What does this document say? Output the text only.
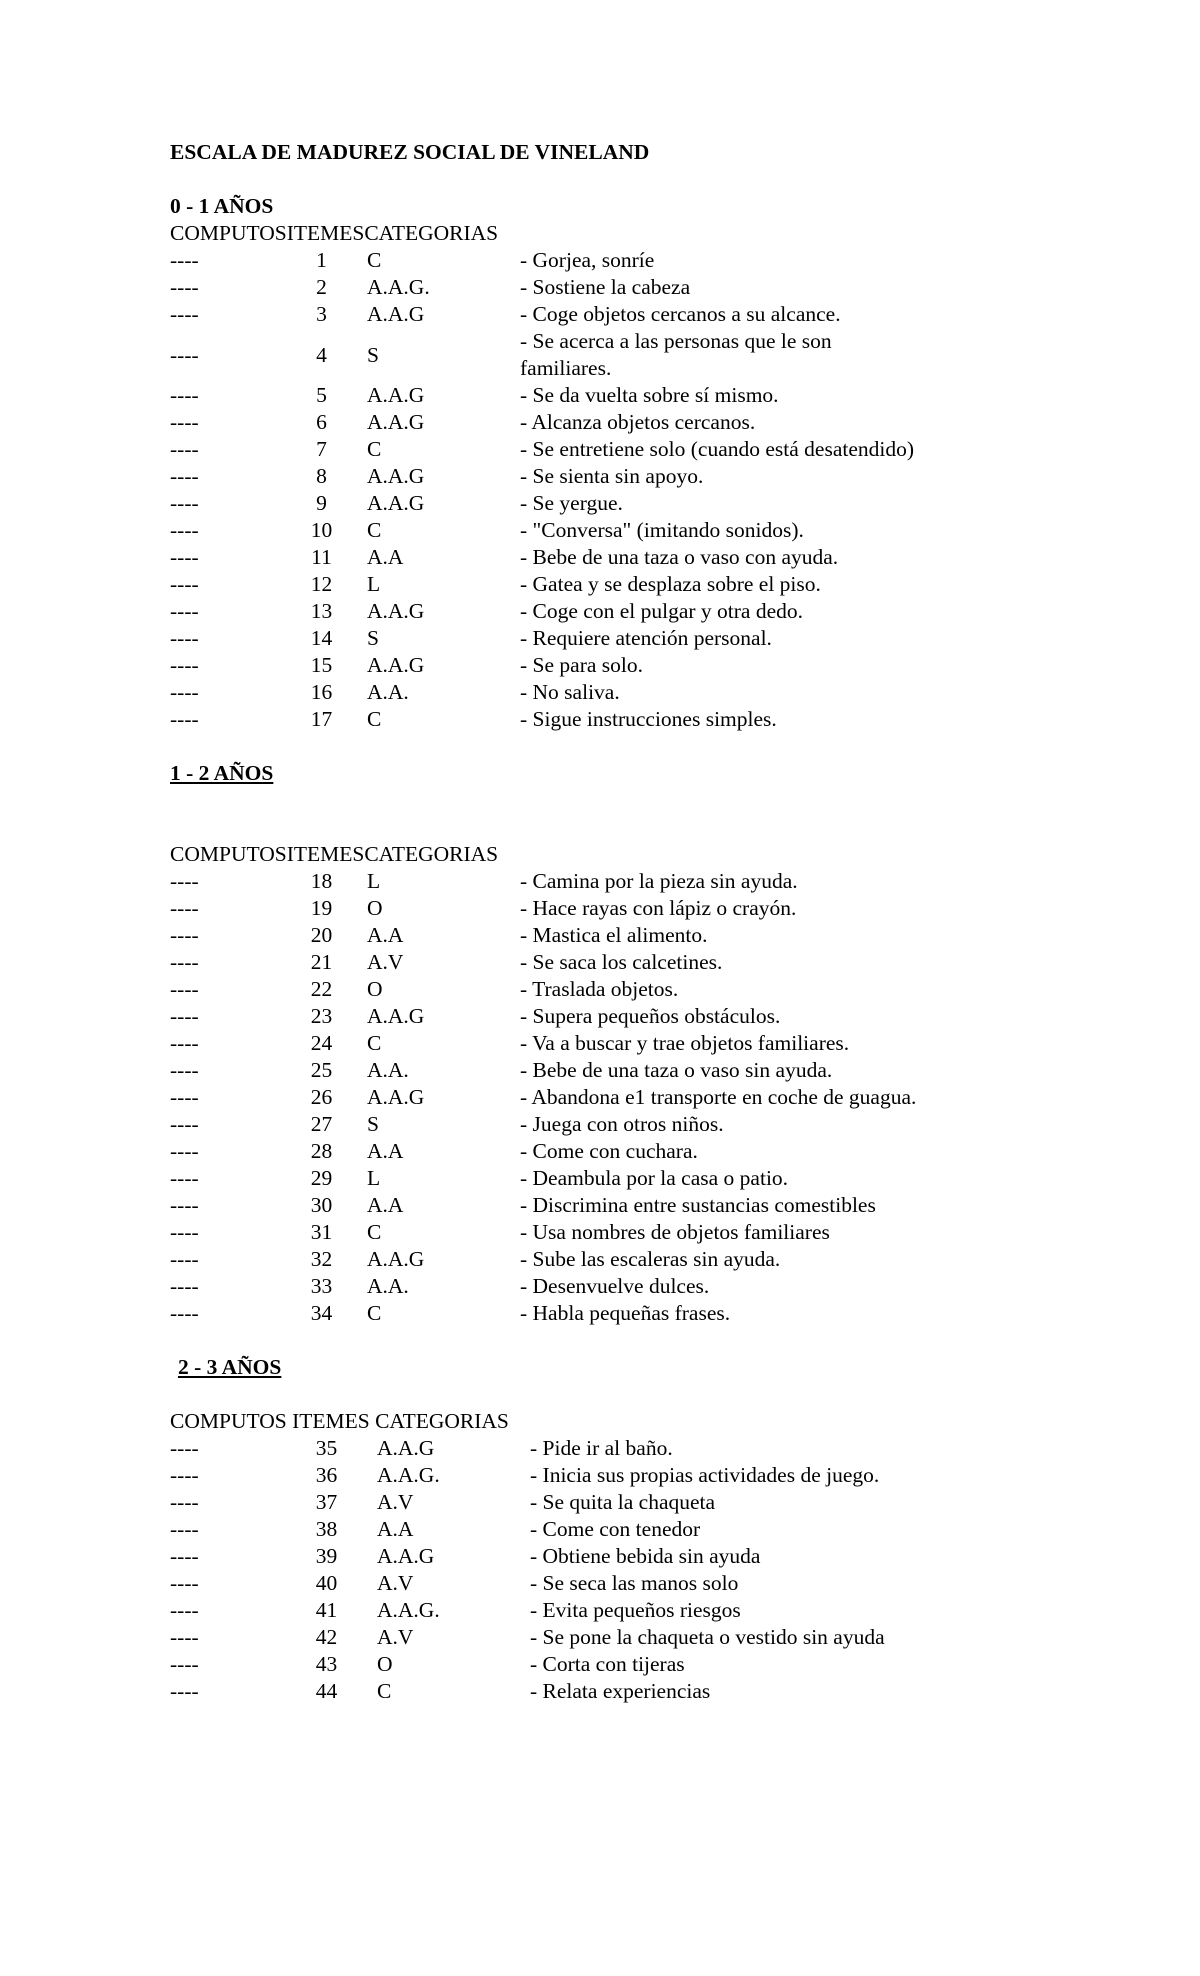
ESCALA DE MADUREZ SOCIAL DE VINELAND
0 - 1 AÑOS
COMPUTOSITEMESCATEGORIAS
----	1	C	- Gorjea, sonríe
----	2	A.A.G.	- Sostiene la cabeza
----	3	A.A.G	- Coge objetos cercanos a su alcance.
----	4	S	- Se acerca a las personas que le son familiares.
----	5	A.A.G	- Se da vuelta sobre sí mismo.
----	6	A.A.G	- Alcanza objetos cercanos.
----	7	C	- Se entretiene solo (cuando está desatendido)
----	8	A.A.G	- Se sienta sin apoyo.
----	9	A.A.G	- Se yergue.
----	10	C	- "Conversa" (imitando sonidos).
----	11	A.A	- Bebe de una taza o vaso con ayuda.
----	12	L	- Gatea y se desplaza sobre el piso.
----	13	A.A.G	- Coge con el pulgar y otra dedo.
----	14	S	- Requiere atención personal.
----	15	A.A.G	- Se para solo.
----	16	A.A.	- No saliva.
----	17	C	- Sigue instrucciones simples.
1 - 2 AÑOS
COMPUTOSITEMESCATEGORIAS
----	18	L	- Camina por la pieza sin ayuda.
----	19	O	- Hace rayas con lápiz o crayón.
----	20	A.A	- Mastica el alimento.
----	21	A.V	- Se saca los calcetines.
----	22	O	- Traslada objetos.
----	23	A.A.G	- Supera pequeños obstáculos.
----	24	C	- Va a buscar y trae objetos familiares.
----	25	A.A.	- Bebe de una taza o vaso sin ayuda.
----	26	A.A.G	- Abandona e1 transporte en coche de guagua.
----	27	S	- Juega con otros niños.
----	28	A.A	- Come con cuchara.
----	29	L	- Deambula por la casa o patio.
----	30	A.A	- Discrimina entre sustancias comestibles
----	31	C	- Usa nombres de objetos familiares
----	32	A.A.G	- Sube las escaleras sin ayuda.
----	33	A.A.	- Desenvuelve dulces.
----	34	C	- Habla pequeñas frases.
2 - 3 AÑOS
COMPUTOS ITEMES CATEGORIAS
----	35	A.A.G	- Pide ir al baño.
----	36	A.A.G.	- Inicia sus propias actividades de juego.
----	37	A.V	- Se quita la chaqueta
----	38	A.A	- Come con tenedor
----	39	A.A.G	- Obtiene bebida sin ayuda
----	40	A.V	- Se seca las manos solo
----	41	A.A.G.	- Evita pequeños riesgos
----	42	A.V	- Se pone la chaqueta o vestido sin ayuda
----	43	O	- Corta con tijeras
----	44	C	- Relata experiencias
